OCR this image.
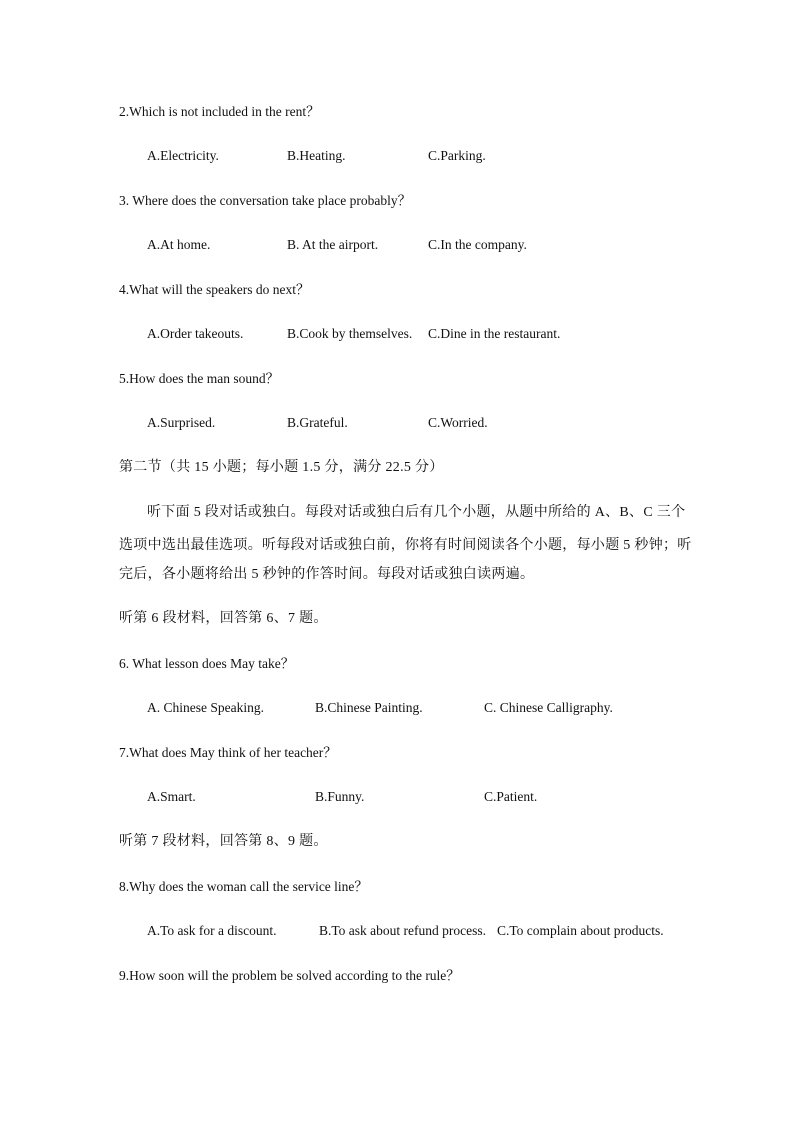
2.Which is not included in the rent？
A.Electricity.	B.Heating.	C.Parking.
3. Where does the conversation take place probably？
A.At home.	B. At the airport.	C.In the company.
4.What will the speakers do next？
A.Order takeouts.	B.Cook by themselves. C.Dine in the restaurant.
5.How does the man sound？
A.Surprised.	B.Grateful.	C.Worried.
第二节（共 15 小题；每小题 1.5 分，满分 22.5 分）
听下面 5 段对话或独白。每段对话或独白后有几个小题，从题中所给的 A、B、C 三个
选项中选出最佳选项。听每段对话或独白前，你将有时间阅读各个小题，每小题 5 秒钟；听
完后，各小题将给出 5 秒钟的作答时间。每段对话或独白读两遍。
听第 6 段材料，回答第 6、7 题。
6. What lesson does May take？
A. Chinese Speaking.	B.Chinese Painting.	C. Chinese Calligraphy.
7.What does May think of her teacher？
A.Smart.	B.Funny.	C.Patient.
听第 7 段材料，回答第 8、9 题。
8.Why does the woman call the service line？
A.To ask for a discount.	B.To ask about refund process. C.To complain about products.
9.How soon will the problem be solved according to the rule？
